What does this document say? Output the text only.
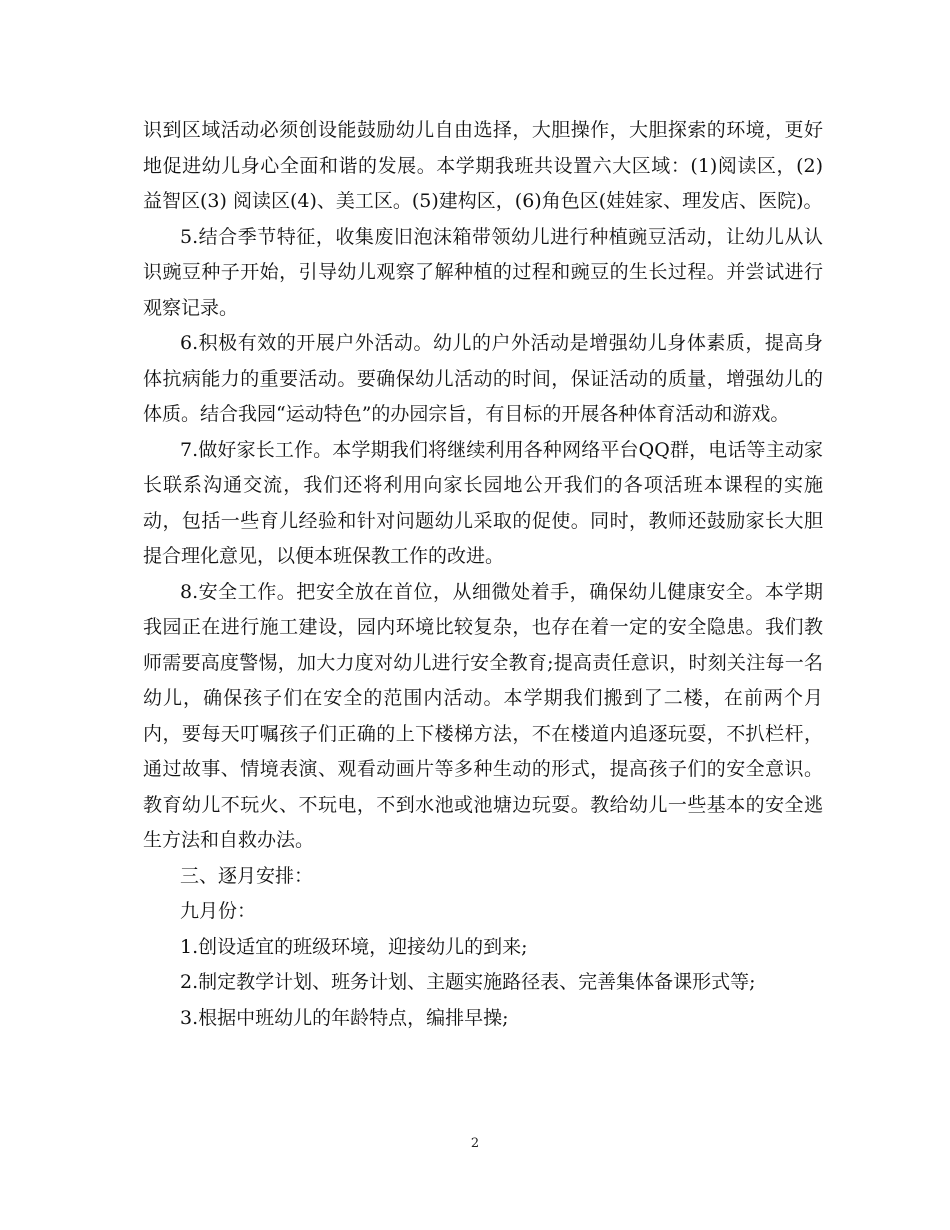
识到区域活动必须创设能鼓励幼儿自由选择，大胆操作，大胆探索的环境，更好地促进幼儿身心全面和谐的发展。本学期我班共设置六大区域：(1)阅读区，(2)益智区(3) 阅读区(4)、美工区。(5)建构区，(6)角色区(娃娃家、理发店、医院)。

5.结合季节特征，收集废旧泡沫箱带领幼儿进行种植豌豆活动，让幼儿从认识豌豆种子开始，引导幼儿观察了解种植的过程和豌豆的生长过程。并尝试进行观察记录。

6.积极有效的开展户外活动。幼儿的户外活动是增强幼儿身体素质，提高身体抗病能力的重要活动。要确保幼儿活动的时间，保证活动的质量，增强幼儿的体质。结合我园“运动特色”的办园宗旨，有目标的开展各种体育活动和游戏。

7.做好家长工作。本学期我们将继续利用各种网络平台QQ群，电话等主动家长联系沟通交流，我们还将利用向家长园地公开我们的各项活班本课程的实施动，包括一些育儿经验和针对问题幼儿采取的促使。同时，教师还鼓励家长大胆提合理化意见，以便本班保教工作的改进。

8.安全工作。把安全放在首位，从细微处着手，确保幼儿健康安全。本学期我园正在进行施工建设，园内环境比较复杂，也存在着一定的安全隐患。我们教师需要高度警惕，加大力度对幼儿进行安全教育;提高责任意识，时刻关注每一名幼儿，确保孩子们在安全的范围内活动。本学期我们搬到了二楼，在前两个月内，要每天叮嘱孩子们正确的上下楼梯方法，不在楼道内追逐玩耍，不扒栏杆，通过故事、情境表演、观看动画片等多种生动的形式，提高孩子们的安全意识。教育幼儿不玩火、不玩电，不到水池或池塘边玩耍。教给幼儿一些基本的安全逃生方法和自救办法。

三、逐月安排：

九月份：

1.创设适宜的班级环境，迎接幼儿的到来;

2.制定教学计划、班务计划、主题实施路径表、完善集体备课形式等;

3.根据中班幼儿的年龄特点，编排早操;

2
